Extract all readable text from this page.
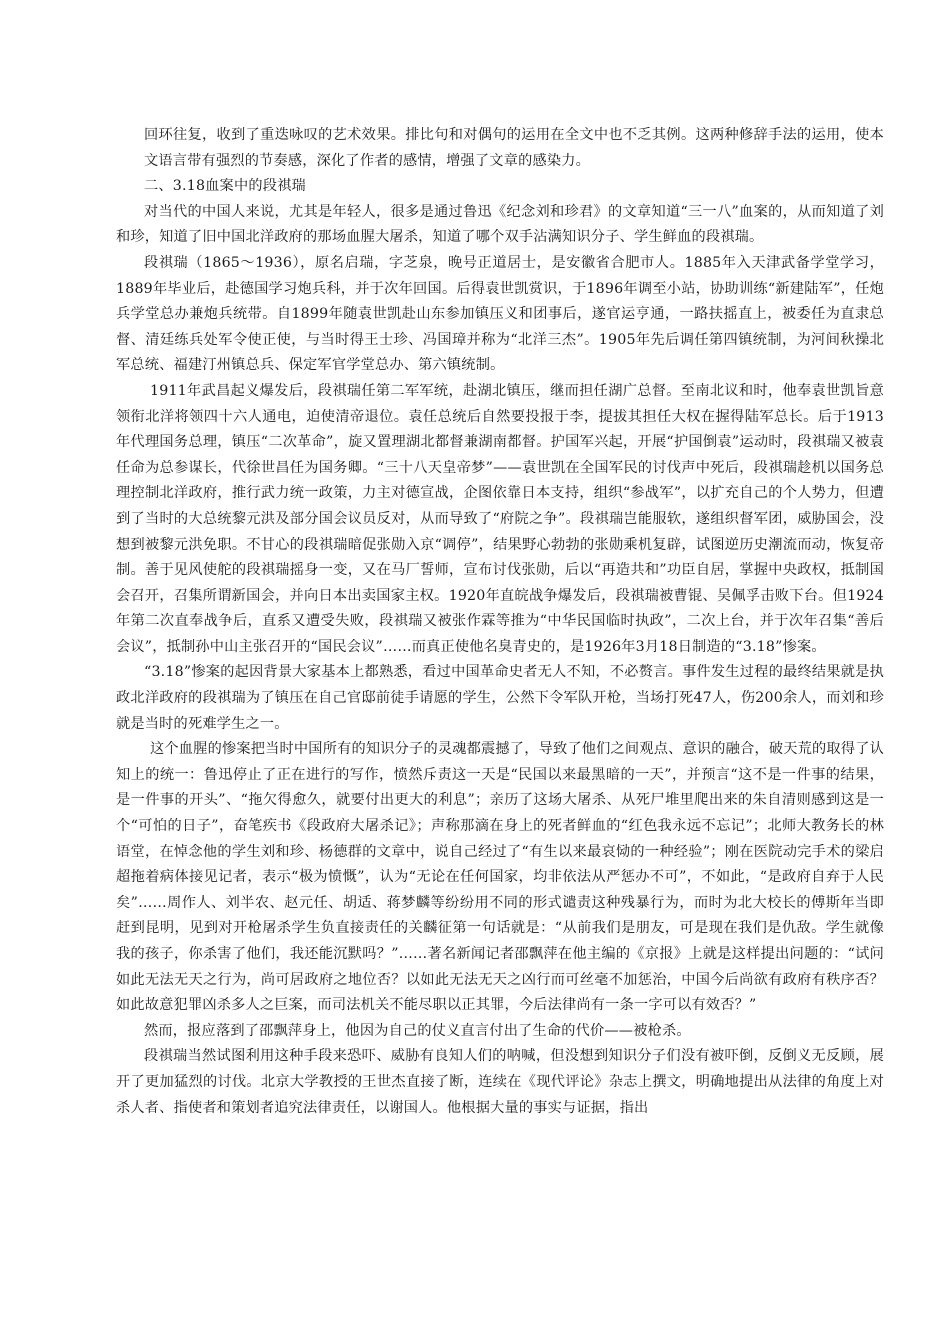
回环往复，收到了重迭咏叹的艺术效果。排比句和对偶句的运用在全文中也不乏其例。这两种修辞手法的运用，使本文语言带有强烈的节奏感，深化了作者的感情，增强了文章的感染力。

二、3.18血案中的段祺瑞

对当代的中国人来说，尤其是年轻人，很多是通过鲁迅《纪念刘和珍君》的文章知道“三一八”血案的，从而知道了刘和珍，知道了旧中国北洋政府的那场血腥大屠杀，知道了哪个双手沾满知识分子、学生鲜血的段祺瑞。

段祺瑞（1865～1936），原名启瑞，字芝泉，晚号正道居士，是安徽省合肥市人。1885年入天津武备学堂学习，1889年毕业后，赴德国学习炮兵科，并于次年回国。后得袁世凯赏识，于1896年调至小站，协助训练“新建陆军”，任炮兵学堂总办兼炮兵统带。自1899年随袁世凯赴山东参加镇压义和团事后，遂官运亨通，一路扶摇直上，被委任为直隶总督、清廷练兵处军令使正使，与当时得王士珍、冯国璋并称为“北洋三杰”。1905年先后调任第四镇统制，为河间秋操北军总统、福建汀州镇总兵、保定军官学堂总办、第六镇统制。

1911年武昌起义爆发后，段祺瑞任第二军军统，赴湖北镇压，继而担任湖广总督。至南北议和时，他奉袁世凯旨意领衔北洋将领四十六人通电，迫使清帝退位。袁任总统后自然要投报于李，提拔其担任大权在握得陆军总长。后于1913年代理国务总理，镇压“二次革命”，旋又置理湖北都督兼湖南都督。护国军兴起，开展“护国倒袁”运动时，段祺瑞又被袁任命为总参谋长，代徐世昌任为国务卿。“三十八天皇帝梦”——袁世凯在全国军民的讨伐声中死后，段祺瑞趁机以国务总理控制北洋政府，推行武力统一政策，力主对德宣战，企图依靠日本支持，组织“参战军”，以扩充自己的个人势力，但遭到了当时的大总统黎元洪及部分国会议员反对，从而导致了“府院之争”。段祺瑞岂能服软，遂组织督军团，威胁国会，没想到被黎元洪免职。不甘心的段祺瑞暗促张勋入京“调停”，结果野心勃勃的张勋乘机复辟，试图逆历史潮流而动，恢复帝制。善于见风使舵的段祺瑞摇身一变，又在马厂誓师，宣布讨伐张勋，后以“再造共和”功臣自居，掌握中央政权，抵制国会召开，召集所谓新国会，并向日本出卖国家主权。1920年直皖战争爆发后，段祺瑞被曹锟、吴佩孚击败下台。但1924年第二次直奉战争后，直系又遭受失败，段祺瑞又被张作霖等推为“中华民国临时执政”，二次上台，并于次年召集“善后会议”，抵制孙中山主张召开的“国民会议”……而真正使他名臭青史的，是1926年3月18日制造的“3.18”惨案。

“3.18”惨案的起因背景大家基本上都熟悉，看过中国革命史者无人不知，不必赘言。事件发生过程的最终结果就是执政北洋政府的段祺瑞为了镇压在自己官邸前徒手请愿的学生，公然下令军队开枪，当场打死47人，伤200余人，而刘和珍就是当时的死难学生之一。

这个血腥的惨案把当时中国所有的知识分子的灵魂都震撼了，导致了他们之间观点、意识的融合，破天荒的取得了认知上的统一：鲁迅停止了正在进行的写作，愤然斥责这一天是“民国以来最黑暗的一天”，并预言“这不是一件事的结果，是一件事的开头”、“拖欠得愈久，就要付出更大的利息”；亲历了这场大屠杀、从死尸堆里爬出来的朱自清则感到这是一个“可怕的日子”，奋笔疾书《段政府大屠杀记》；声称那滴在身上的死者鲜血的“红色我永远不忘记”；北师大教务长的林语堂，在悼念他的学生刘和珍、杨德群的文章中，说自己经过了“有生以来最哀恸的一种经验”；刚在医院动完手术的梁启超拖着病体接见记者，表示“极为愤慨”，认为“无论在任何国家，均非依法从严惩办不可”，不如此，“是政府自弃于人民矣”……周作人、刘半农、赵元任、胡适、蒋梦麟等纷纷用不同的形式谴责这种残暴行为，而时为北大校长的傅斯年当即赶到昆明，见到对开枪屠杀学生负直接责任的关麟征第一句话就是：“从前我们是朋友，可是现在我们是仇敌。学生就像我的孩子，你杀害了他们，我还能沉默吗？”……著名新闻记者邵飘萍在他主编的《京报》上就是这样提出问题的：“试问如此无法无天之行为，尚可居政府之地位否？以如此无法无天之凶行而可丝毫不加惩治，中国今后尚欲有政府有秩序否？如此故意犯罪凶杀多人之巨案，而司法机关不能尽职以正其罪，今后法律尚有一条一字可以有效否？”

然而，报应落到了邵飘萍身上，他因为自己的仗义直言付出了生命的代价——被枪杀。

段祺瑞当然试图利用这种手段来恐吓、威胁有良知人们的呐喊，但没想到知识分子们没有被吓倒，反倒义无反顾，展开了更加猛烈的讨伐。北京大学教授的王世杰直接了断，连续在《现代评论》杂志上撰文，明确地提出从法律的角度上对杀人者、指使者和策划者追究法律责任，以谢国人。他根据大量的事实与证据，指出
